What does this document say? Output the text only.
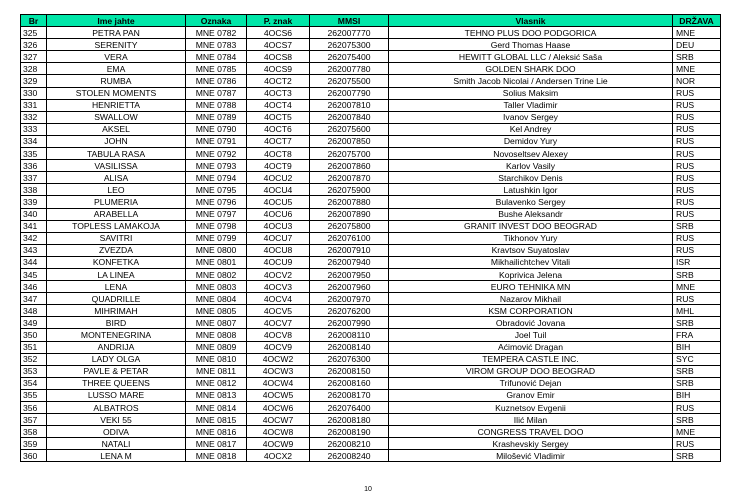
Br	Ime jahte	Oznaka	P. znak	MMSI	Vlasnik	DRŽAVA
325	PETRA PAN	MNE 0782	4OCS6	262007770	TEHNO PLUS DOO PODGORICA	MNE
326	SERENITY	MNE 0783	4OCS7	262075300	Gerd Thomas Haase	DEU
327	VERA	MNE 0784	4OCS8	262075400	HEWITT GLOBAL LLC / Aleksić Saša	SRB
328	EMA	MNE 0785	4OCS9	262007780	GOLDEN SHARK DOO	MNE
329	RUMBA	MNE 0786	4OCT2	262075500	Smith Jacob Nicolai / Andersen Trine Lie	NOR
330	STOLEN MOMENTS	MNE 0787	4OCT3	262007790	Solius Maksim	RUS
331	HENRIETTA	MNE 0788	4OCT4	262007810	Taller Vladimir	RUS
332	SWALLOW	MNE 0789	4OCT5	262007840	Ivanov Sergey	RUS
333	AKSEL	MNE 0790	4OCT6	262075600	Kel Andrey	RUS
334	JOHN	MNE 0791	4OCT7	262007850	Demidov Yury	RUS
335	TABULA RASA	MNE 0792	4OCT8	262075700	Novoseltsev Alexey	RUS
336	VASILISSA	MNE 0793	4OCT9	262007860	Karlov Vasily	RUS
337	ALISA	MNE 0794	4OCU2	262007870	Starchikov Denis	RUS
338	LEO	MNE 0795	4OCU4	262075900	Latushkin Igor	RUS
339	PLUMERIA	MNE 0796	4OCU5	262007880	Bulavenko Sergey	RUS
340	ARABELLA	MNE 0797	4OCU6	262007890	Bushe Aleksandr	RUS
341	TOPLESS LAMAKOJA	MNE 0798	4OCU3	262075800	GRANIT INVEST DOO BEOGRAD	SRB
342	SAVITRI	MNE 0799	4OCU7	262076100	Tikhonov Yury	RUS
343	ZVEZDA	MNE 0800	4OCU8	262007910	Kravtsov Suyatoslav	RUS
344	KONFETKA	MNE 0801	4OCU9	262007940	Mikhailichtchev Vitali	ISR
345	LA LINEA	MNE 0802	4OCV2	262007950	Koprivica Jelena	SRB
346	LENA	MNE 0803	4OCV3	262007960	EURO TEHNIKA MN	MNE
347	QUADRILLE	MNE 0804	4OCV4	262007970	Nazarov Mikhail	RUS
348	MIHRIMAH	MNE 0805	4OCV5	262076200	KSM CORPORATION	MHL
349	BIRD	MNE 0807	4OCV7	262007990	Obradović Jovana	SRB
350	MONTENEGRINA	MNE 0808	4OCV8	262008110	Joel Tuil	FRA
351	ANDRIJA	MNE 0809	4OCV9	262008140	Aćimović Dragan	BIH
352	LADY OLGA	MNE 0810	4OCW2	262076300	TEMPERA CASTLE INC.	SYC
353	PAVLE & PETAR	MNE 0811	4OCW3	262008150	VIROM GROUP DOO BEOGRAD	SRB
354	THREE QUEENS	MNE 0812	4OCW4	262008160	Trifunović Dejan	SRB
355	LUSSO MARE	MNE 0813	4OCW5	262008170	Granov Emir	BIH
356	ALBATROS	MNE 0814	4OCW6	262076400	Kuznetsov Evgenii	RUS
357	VEKI 55	MNE 0815	4OCW7	262008180	Ilić Milan	SRB
358	ODIVA	MNE 0816	4OCW8	262008190	CONGRESS TRAVEL DOO	MNE
359	NATALI	MNE 0817	4OCW9	262008210	Krashevskiy Sergey	RUS
360	LENA M	MNE 0818	4OCX2	262008240	Milošević Vladimir	SRB
10
